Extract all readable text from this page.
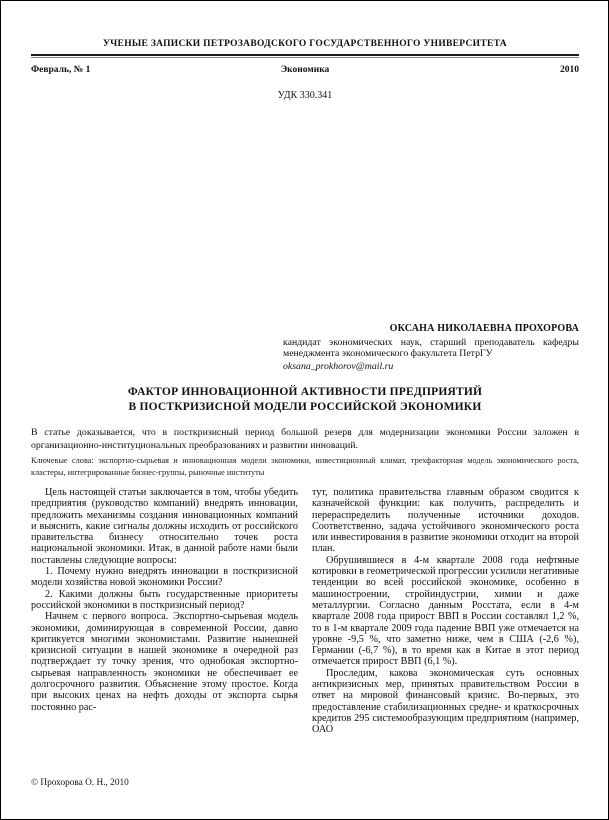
УЧЕНЫЕ ЗАПИСКИ ПЕТРОЗАВОДСКОГО ГОСУДАРСТВЕННОГО УНИВЕРСИТЕТА
Февраль, № 1	Экономика	2010
УДК 330.341
ОКСАНА НИКОЛАЕВНА ПРОХОРОВА
кандидат экономических наук, старший преподаватель кафедры менеджмента экономического факультета ПетрГУ
oksana_prokhorov@mail.ru
ФАКТОР ИННОВАЦИОННОЙ АКТИВНОСТИ ПРЕДПРИЯТИЙ
В ПОСТКРИЗИСНОЙ МОДЕЛИ РОССИЙСКОЙ ЭКОНОМИКИ
В статье доказывается, что в посткризисный период большой резерв для модернизации экономики России заложен в организационно-институциональных преобразованиях и развитии инноваций.
Ключевые слова: экспортно-сырьевая и инновационная модели экономики, инвестиционный климат, трехфакторная модель экономического роста, кластеры, интегрированные бизнес-группы, рыночные институты

Цель настоящей статьи заключается в том, чтобы убедить предприятия (руководство компаний) внедрять инновации, предложить механизмы создания инновационных компаний и выяснить, какие сигналы должны исходить от российского правительства бизнесу относительно точек роста национальной экономики. Итак, в данной работе нами были поставлены следующие вопросы:

1. Почему нужно внедрять инновации в посткризисной модели хозяйства новой экономики России?

2. Какими должны быть государственные приоритеты российской экономики в посткризисный период?

Начнем с первого вопроса. Экспортно-сырьевая модель экономики, доминирующая в современной России, давно критикуется многими экономистами. Развитие нынешней кризисной ситуации в нашей экономике в очередной раз подтверждает ту точку зрения, что однобокая экспортно-сырьевая направленность экономики не обеспечивает ее долгосрочного развития. Объяснение этому простое. Когда при высоких ценах на нефть доходы от экспорта сырья постоянно рас-

тут, политика правительства главным образом сводится к казначейской функции: как получить, распределить и перераспределить полученные источники доходов. Соответственно, задача устойчивого экономического роста или инвестирования в развитие экономики отходит на второй план.

Обрушившиеся в 4-м квартале 2008 года нефтяные котировки в геометрической прогрессии усилили негативные тенденции во всей российской экономике, особенно в машиностроении, стройиндустрии, химии и даже металлургии. Согласно данным Росстата, если в 4-м квартале 2008 года прирост ВВП в России составлял 1,2 %, то в 1-м квартале 2009 года падение ВВП уже отмечается на уровне -9,5 %, что заметно ниже, чем в США (-2,6 %), Германии (-6,7 %), в то время как в Китае в этот период отмечается прирост ВВП (6,1 %).

Проследим, какова экономическая суть основных антикризисных мер, принятых правительством России в ответ на мировой финансовый кризис. Во-первых, это предоставление стабилизационных средне- и краткосрочных кредитов 295 системообразующим предприятиям (например, ОАО

© Прохорова О. Н., 2010
